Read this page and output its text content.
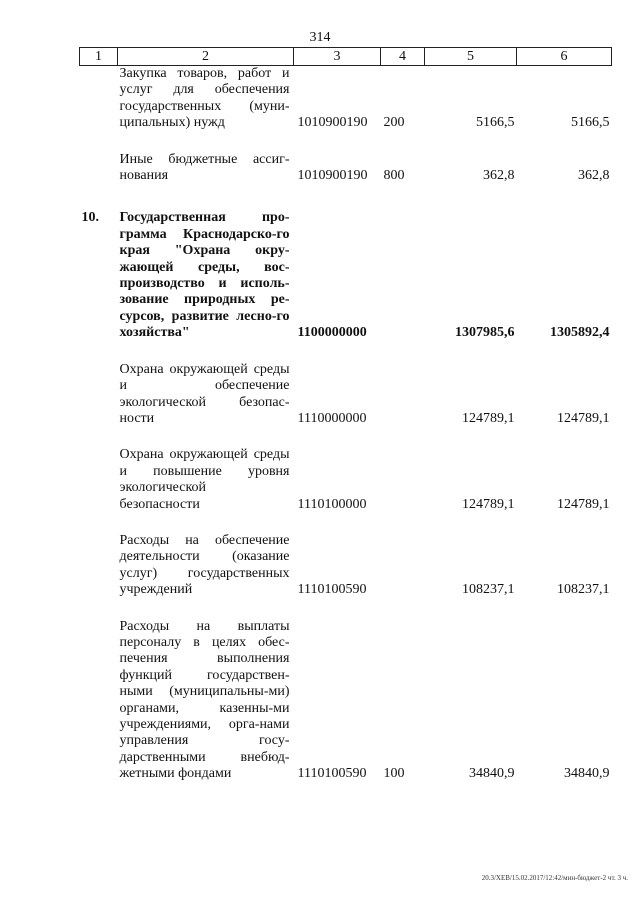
314
1	2	3	4	5	6
	Закупка товаров, работ и услуг для обеспечения государственных (муни-ципальных) нужд	1010900190	200	5166,5	5166,5

	Иные бюджетные ассиг-нования	1010900190	800	362,8	362,8

10.	Государственная про-грамма Краснодарско-го края "Охрана окру-жающей среды, вос-производство и исполь-зование природных ре-сурсов, развитие лесно-го хозяйства"	1100000000		1307985,6	1305892,4

	Охрана окружающей среды и обеспечение экологической безопас-ности	1110000000		124789,1	124789,1

	Охрана окружающей среды и повышение уровня экологической безопасности	1110100000		124789,1	124789,1

	Расходы на обеспечение деятельности (оказание услуг) государственных учреждений	1110100590		108237,1	108237,1

	Расходы на выплаты персоналу в целях обес-печения выполнения функций государствен-ными (муниципальны-ми) органами, казенны-ми учреждениями, орга-нами управления госу-дарственными внебюд-жетными фондами	1110100590	100	34840,9	34840,9
20.3/XEB/15.02.2017/12:42/мин-бюджет-2 чт. 3 ч.
